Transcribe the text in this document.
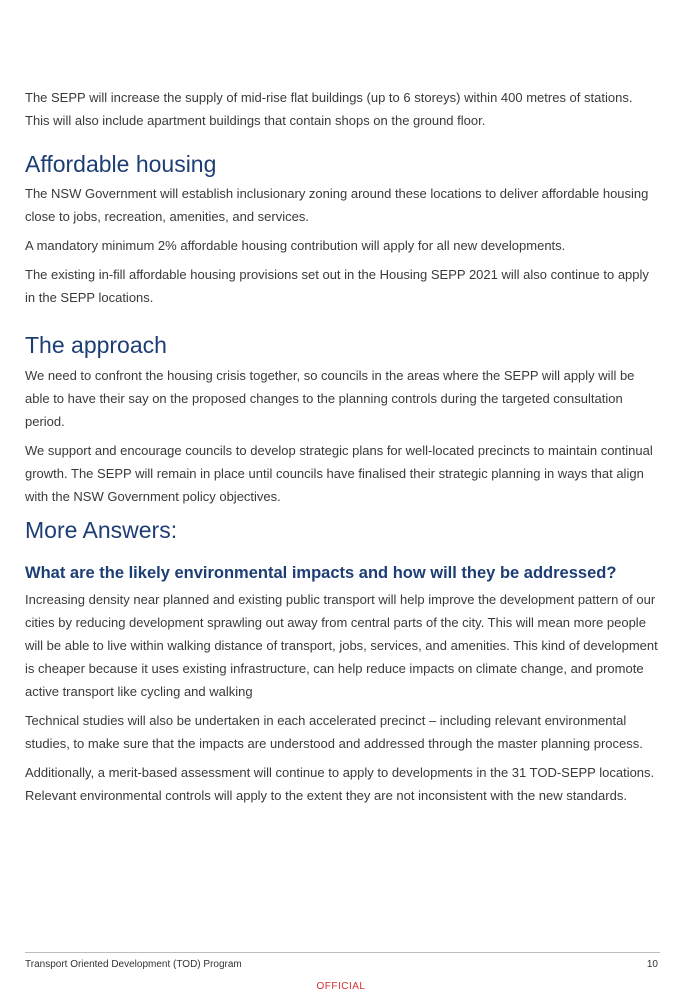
The SEPP will increase the supply of mid-rise flat buildings (up to 6 storeys) within 400 metres of stations. This will also include apartment buildings that contain shops on the ground floor.

Affordable housing

The NSW Government will establish inclusionary zoning around these locations to deliver affordable housing close to jobs, recreation, amenities, and services.

A mandatory minimum 2% affordable housing contribution will apply for all new developments.

The existing in-fill affordable housing provisions set out in the Housing SEPP 2021 will also continue to apply in the SEPP locations.

The approach

We need to confront the housing crisis together, so councils in the areas where the SEPP will apply will be able to have their say on the proposed changes to the planning controls during the targeted consultation period.

We support and encourage councils to develop strategic plans for well-located precincts to maintain continual growth. The SEPP will remain in place until councils have finalised their strategic planning in ways that align with the NSW Government policy objectives.

More Answers:
What are the likely environmental impacts and how will they be addressed?

Increasing density near planned and existing public transport will help improve the development pattern of our cities by reducing development sprawling out away from central parts of the city. This will mean more people will be able to live within walking distance of transport, jobs, services, and amenities. This kind of development is cheaper because it uses existing infrastructure, can help reduce impacts on climate change, and promote active transport like cycling and walking

Technical studies will also be undertaken in each accelerated precinct – including relevant environmental studies, to make sure that the impacts are understood and addressed through the master planning process.

Additionally, a merit-based assessment will continue to apply to developments in the 31 TOD-SEPP locations. Relevant environmental controls will apply to the extent they are not inconsistent with the new standards.

Transport Oriented Development (TOD) Program	10
OFFICIAL
